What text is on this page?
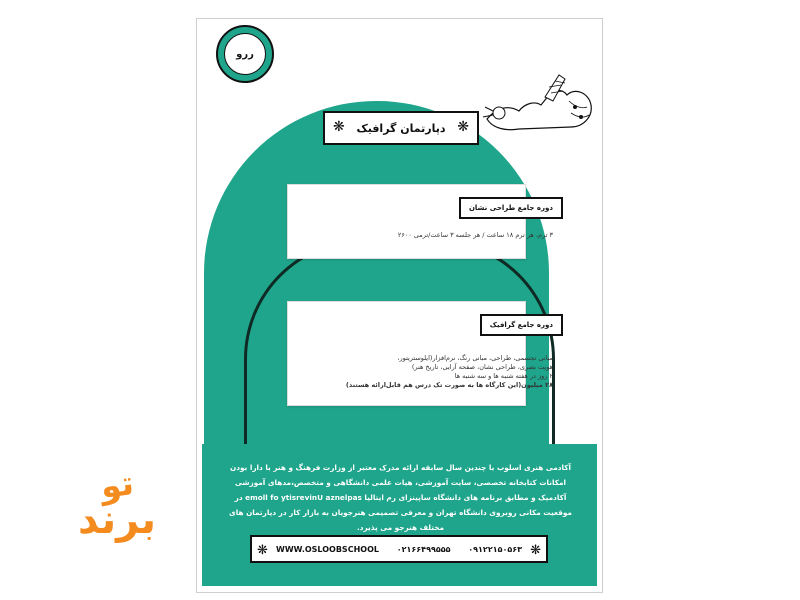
ررو
❋ دپارتمان گرافیک ❋
دوره جامع طراحی نشان
۳ ترم، هر ترم ۱۸ ساعت / هر جلسه ۳ ساعت/ترمی ۲۶۰۰
دوره جامع گرافیک
مبانی تجسمی، طراحی، مبانی رنگ، نرم‌افزار(ایلوستریتور،
هویت بصری، طراحی نشان، صفحه آرایی، تاریخ هنر)
۲ روز در هفته شنبه ها و سه شنبه ها
۲۸ میلیون(این کارگاه ها به صورت تک درس هم قابل‌ارائه هستند)
آکادمی هنری اسلوب با چندین سال سابقه ارائه مدرک معتبر از وزارت فرهنگ و هنر با دارا بودن امکانات کتابخانه تخصصی، سایت آموزشی، هیات علمی دانشگاهی و متخصص،مدهای آموزشی آکادمیک و مطابق برنامه های دانشگاه ساپینزای رم ایتالیا emoll fo ytisrevinU aznelpas در موقعیت مکانی روبروی دانشگاه تهران و معرفی تصمیمی هنرجویان به بازار کار در دپارتمان های مختلف هنرجو می پذیرد.
❋ WWW.OSLOOBSCHOOL ۰۲۱۶۶۴۹۹۵۵۵ ۰۹۱۲۲۱۵۰۵۶۳ ❋
تو
برند
